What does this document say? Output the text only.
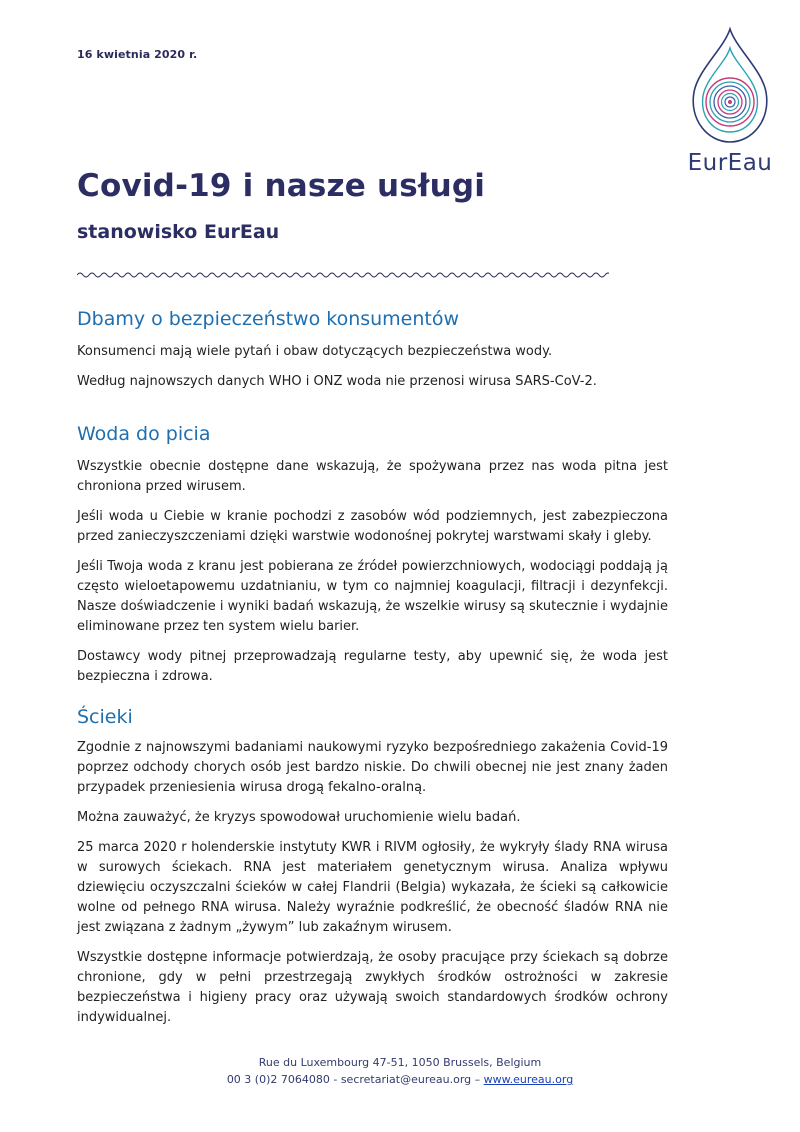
16 kwietnia 2020 r.
EurEau
Covid-19 i nasze usługi
stanowisko EurEau
Dbamy o bezpieczeństwo konsumentów

Konsumenci mają wiele pytań i obaw dotyczących bezpieczeństwa wody.

Według najnowszych danych WHO i ONZ woda nie przenosi wirusa SARS-CoV-2.

Woda do picia

Wszystkie obecnie dostępne dane wskazują, że spożywana przez nas woda pitna jest chroniona przed wirusem.

Jeśli woda u Ciebie w kranie pochodzi z zasobów wód podziemnych, jest zabezpieczona przed zanieczyszczeniami dzięki warstwie wodonośnej pokrytej warstwami skały i gleby.

Jeśli Twoja woda z kranu jest pobierana ze źródeł powierzchniowych, wodociągi poddają ją często wieloetapowemu uzdatnianiu, w tym co najmniej koagulacji, filtracji i dezynfekcji. Nasze doświadczenie i wyniki badań wskazują, że wszelkie wirusy są skutecznie i wydajnie eliminowane przez ten system wielu barier.

Dostawcy wody pitnej przeprowadzają regularne testy, aby upewnić się, że woda jest bezpieczna i zdrowa.

Ścieki

Zgodnie z najnowszymi badaniami naukowymi ryzyko bezpośredniego zakażenia Covid-19 poprzez odchody chorych osób jest bardzo niskie. Do chwili obecnej nie jest znany żaden przypadek przeniesienia wirusa drogą fekalno-oralną.

Można zauważyć, że kryzys spowodował uruchomienie wielu badań.

25 marca 2020 r holenderskie instytuty KWR i RIVM ogłosiły, że wykryły ślady RNA wirusa w surowych ściekach. RNA jest materiałem genetycznym wirusa. Analiza wpływu dziewięciu oczyszczalni ścieków w całej Flandrii (Belgia) wykazała, że ścieki są całkowicie wolne od pełnego RNA wirusa. Należy wyraźnie podkreślić, że obecność śladów RNA nie jest związana z żadnym „żywym” lub zakaźnym wirusem.

Wszystkie dostępne informacje potwierdzają, że osoby pracujące przy ściekach są dobrze chronione, gdy w pełni przestrzegają zwykłych środków ostrożności w zakresie bezpieczeństwa i higieny pracy oraz używają swoich standardowych środków ochrony indywidualnej.

Rue du Luxembourg 47-51, 1050 Brussels, Belgium
00 3 (0)2 7064080 - secretariat@eureau.org – www.eureau.org
